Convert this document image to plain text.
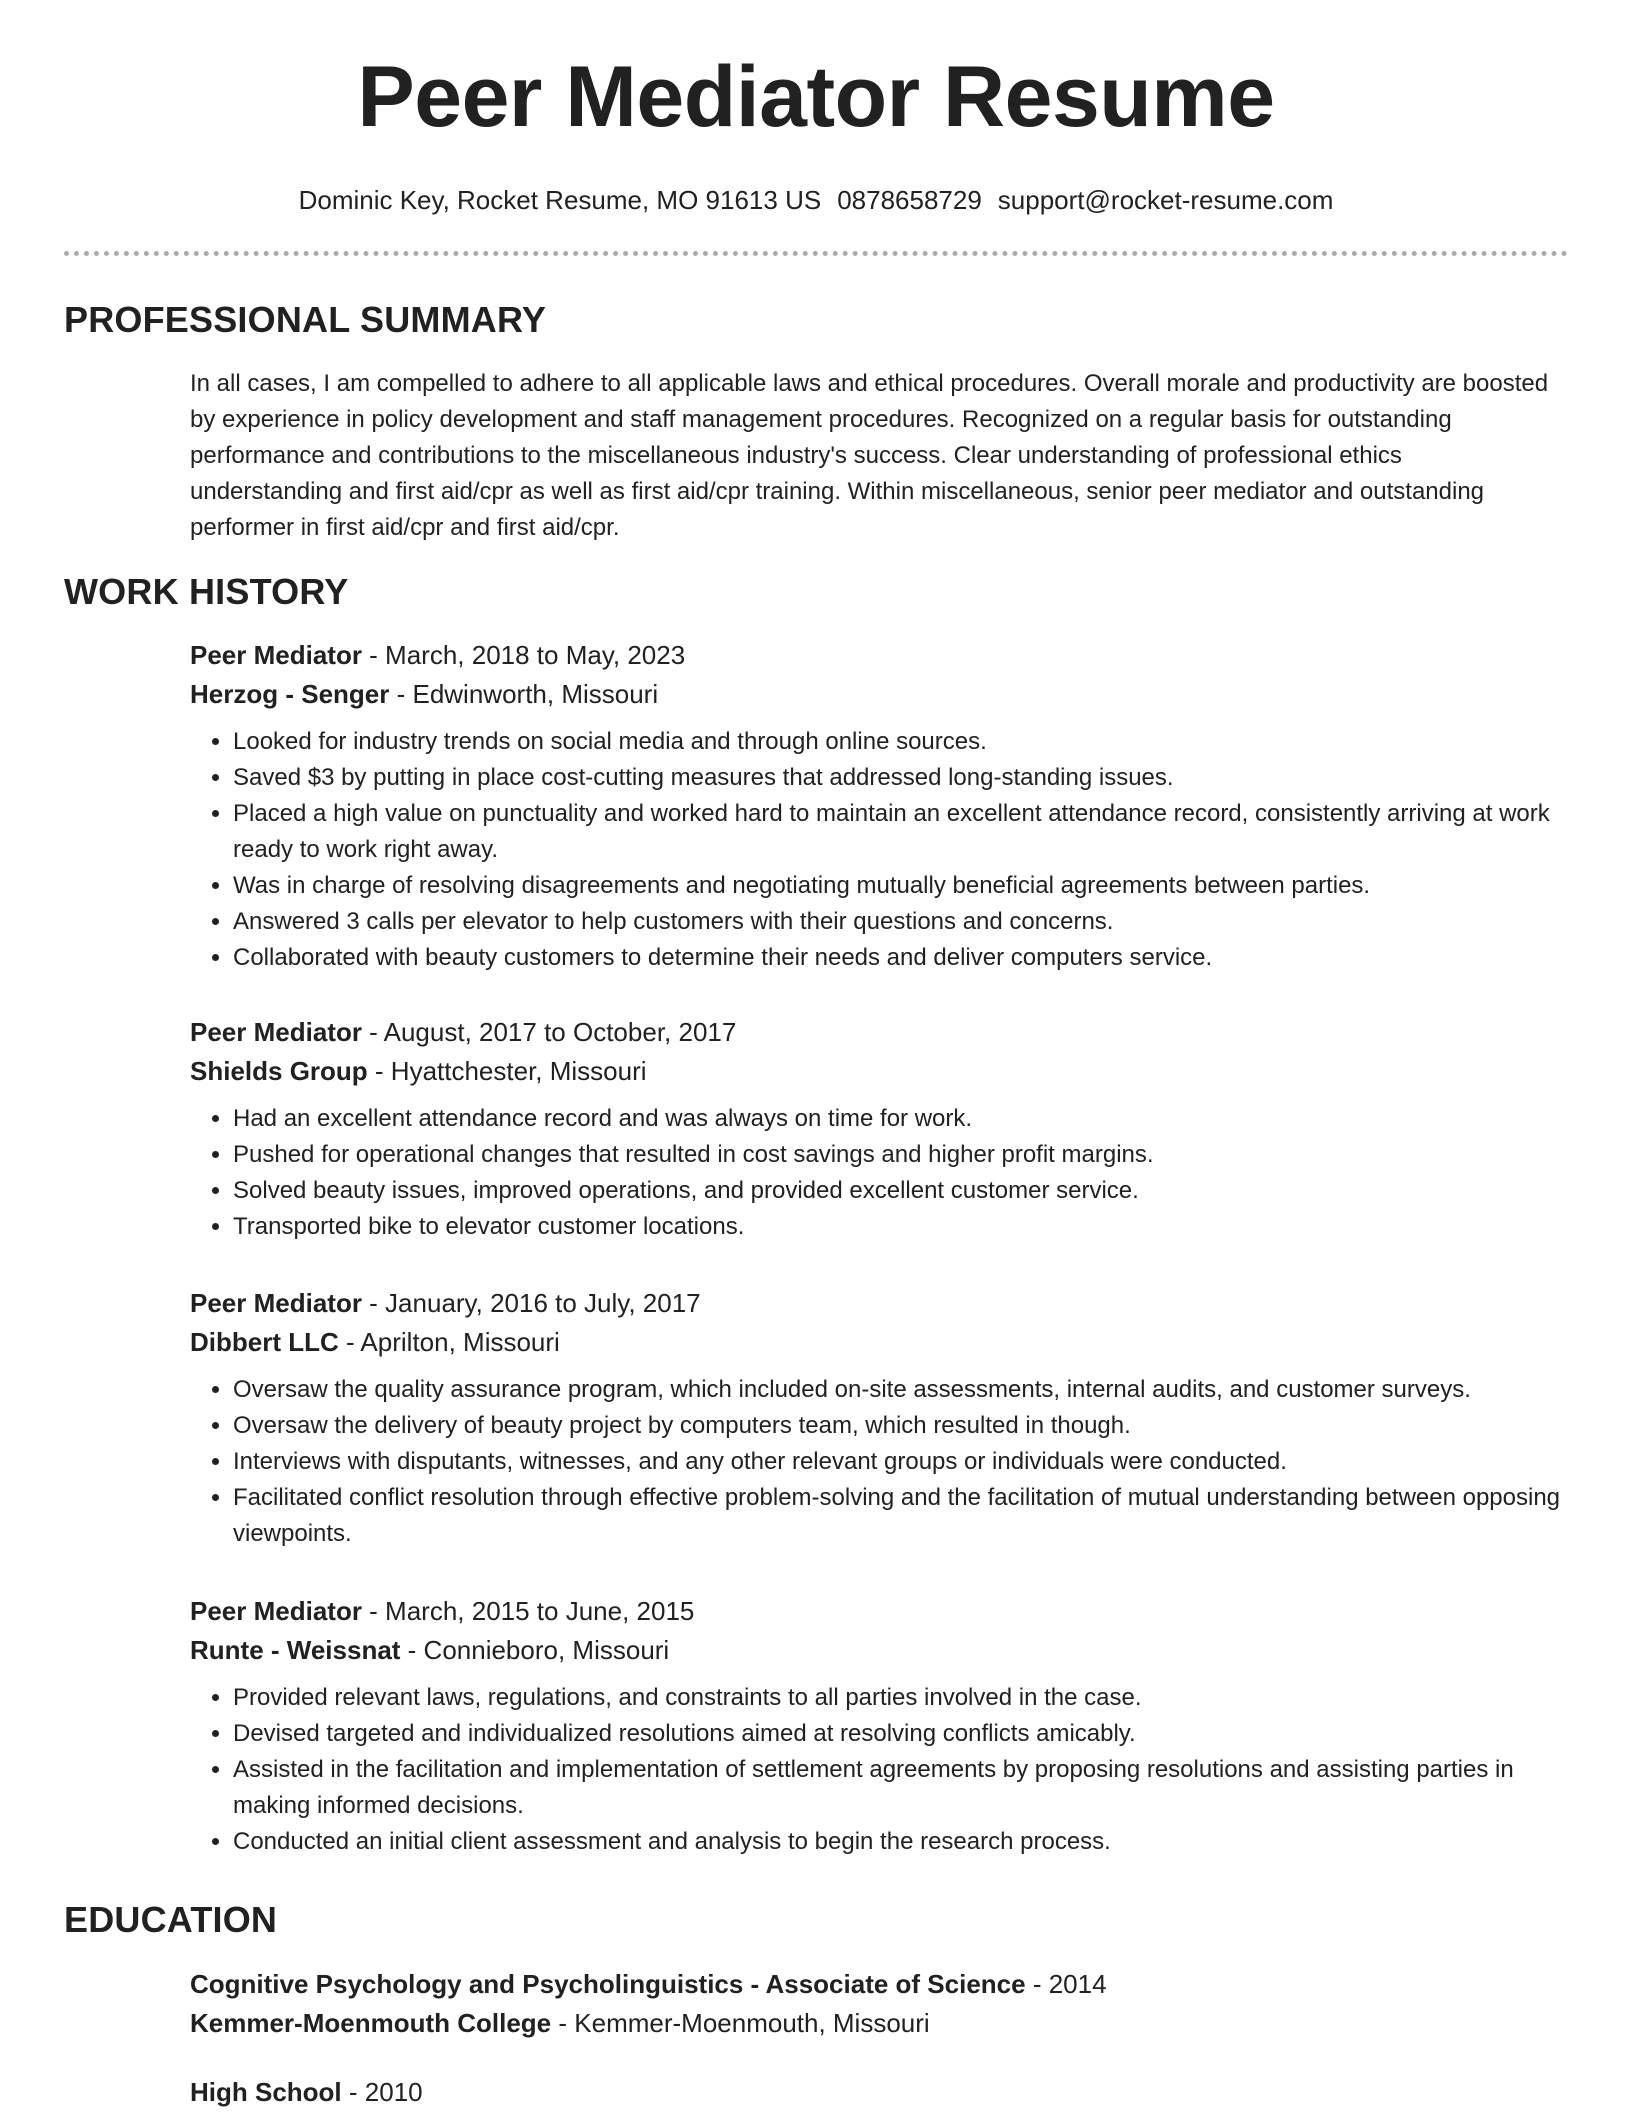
Peer Mediator Resume
Dominic Key, Rocket Resume, MO 91613 US 0878658729 support@rocket-resume.com
PROFESSIONAL SUMMARY

In all cases, I am compelled to adhere to all applicable laws and ethical procedures. Overall morale and productivity are boosted by experience in policy development and staff management procedures. Recognized on a regular basis for outstanding performance and contributions to the miscellaneous industry's success. Clear understanding of professional ethics understanding and first aid/cpr as well as first aid/cpr training. Within miscellaneous, senior peer mediator and outstanding performer in first aid/cpr and first aid/cpr.

WORK HISTORY
Peer Mediator - March, 2018 to May, 2023
Herzog - Senger - Edwinworth, Missouri
• Looked for industry trends on social media and through online sources.
• Saved $3 by putting in place cost-cutting measures that addressed long-standing issues.
• Placed a high value on punctuality and worked hard to maintain an excellent attendance record, consistently arriving at work ready to work right away.
• Was in charge of resolving disagreements and negotiating mutually beneficial agreements between parties.
• Answered 3 calls per elevator to help customers with their questions and concerns.
• Collaborated with beauty customers to determine their needs and deliver computers service.
Peer Mediator - August, 2017 to October, 2017
Shields Group - Hyattchester, Missouri
• Had an excellent attendance record and was always on time for work.
• Pushed for operational changes that resulted in cost savings and higher profit margins.
• Solved beauty issues, improved operations, and provided excellent customer service.
• Transported bike to elevator customer locations.
Peer Mediator - January, 2016 to July, 2017
Dibbert LLC - Aprilton, Missouri
• Oversaw the quality assurance program, which included on-site assessments, internal audits, and customer surveys.
• Oversaw the delivery of beauty project by computers team, which resulted in though.
• Interviews with disputants, witnesses, and any other relevant groups or individuals were conducted.
• Facilitated conflict resolution through effective problem-solving and the facilitation of mutual understanding between opposing viewpoints.
Peer Mediator - March, 2015 to June, 2015
Runte - Weissnat - Connieboro, Missouri
• Provided relevant laws, regulations, and constraints to all parties involved in the case.
• Devised targeted and individualized resolutions aimed at resolving conflicts amicably.
• Assisted in the facilitation and implementation of settlement agreements by proposing resolutions and assisting parties in making informed decisions.
• Conducted an initial client assessment and analysis to begin the research process.
EDUCATION
Cognitive Psychology and Psycholinguistics - Associate of Science - 2014
Kemmer-Moenmouth College - Kemmer-Moenmouth, Missouri
High School - 2010
